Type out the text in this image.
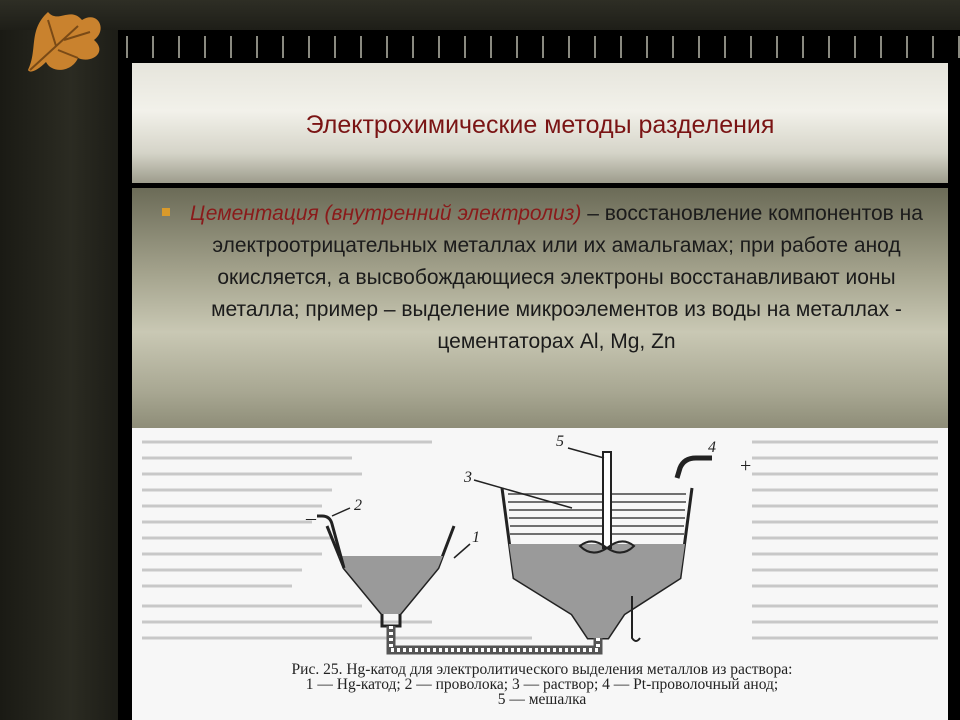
Электрохимические методы разделения
Цементация (внутренний электролиз) – восстановление компонентов на электроотрицательных металлах или их амальгамах; при работе анод окисляется, а высвобождающиеся электроны восстанавливают ионы металла; пример – выделение микроэлементов из воды на металлах - цементаторах Al, Mg, Zn
5	4
3
1
2
–
+
Рис. 25. Hg-катод для электролитического выделения металлов из раствора:
1 — Hg-катод; 2 — проволока; 3 — раствор; 4 — Pt-проволочный анод;
5 — мешалка
